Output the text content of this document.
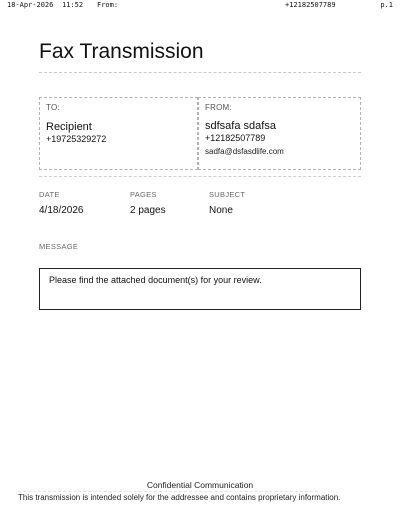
18-Apr-2026 11:52 From:	+12182507789	p.1
Fax Transmission
TO:
Recipient
+19725329272
FROM:
sdfsafa sdafsa
+12182507789
sadfa@dsfasdlife.com
DATE
4/18/2026
PAGES
2 pages
SUBJECT
None
MESSAGE
Please find the attached document(s) for your review.
Confidential Communication
This transmission is intended solely for the addressee and contains proprietary information.
